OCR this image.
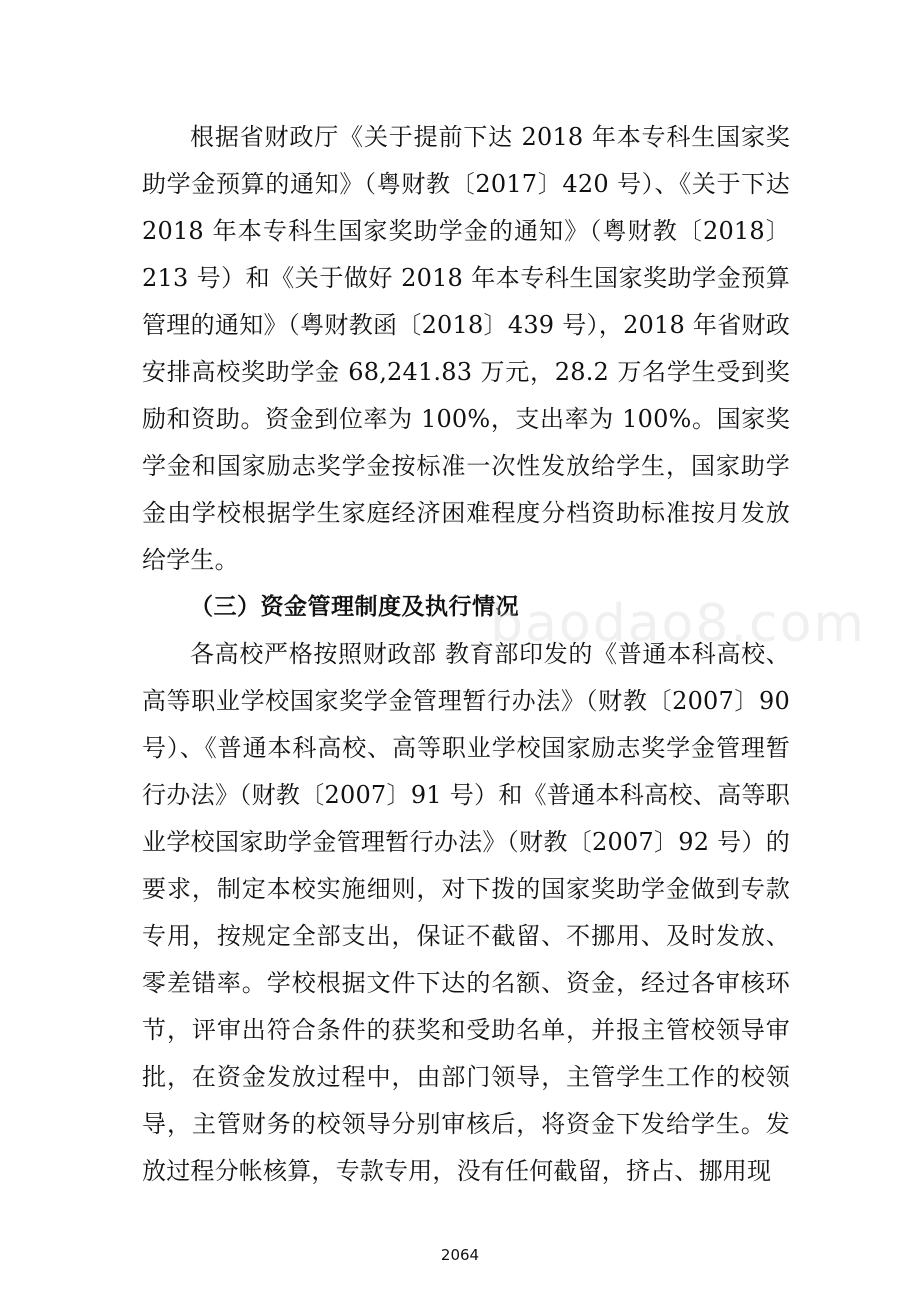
根据省财政厅《关于提前下达 2018 年本专科生国家奖助学金预算的通知》（粤财教〔2017〕420 号）、《关于下达 2018 年本专科生国家奖助学金的通知》（粤财教〔2018〕213 号）和《关于做好 2018 年本专科生国家奖助学金预算管理的通知》（粤财教函〔2018〕439 号），2018 年省财政安排高校奖助学金 68,241.83 万元，28.2 万名学生受到奖励和资助。资金到位率为 100%，支出率为 100%。国家奖学金和国家励志奖学金按标准一次性发放给学生，国家助学金由学校根据学生家庭经济困难程度分档资助标准按月发放给学生。

（三）资金管理制度及执行情况

各高校严格按照财政部 教育部印发的《普通本科高校、高等职业学校国家奖学金管理暂行办法》（财教〔2007〕90 号）、《普通本科高校、高等职业学校国家励志奖学金管理暂行办法》（财教〔2007〕91 号）和《普通本科高校、高等职业学校国家助学金管理暂行办法》（财教〔2007〕92 号）的要求，制定本校实施细则，对下拨的国家奖助学金做到专款专用，按规定全部支出，保证不截留、不挪用、及时发放、零差错率。学校根据文件下达的名额、资金，经过各审核环节，评审出符合条件的获奖和受助名单，并报主管校领导审批，在资金发放过程中，由部门领导，主管学生工作的校领导，主管财务的校领导分别审核后，将资金下发给学生。发放过程分帐核算，专款专用，没有任何截留，挤占、挪用现

baodao8.com
2064
